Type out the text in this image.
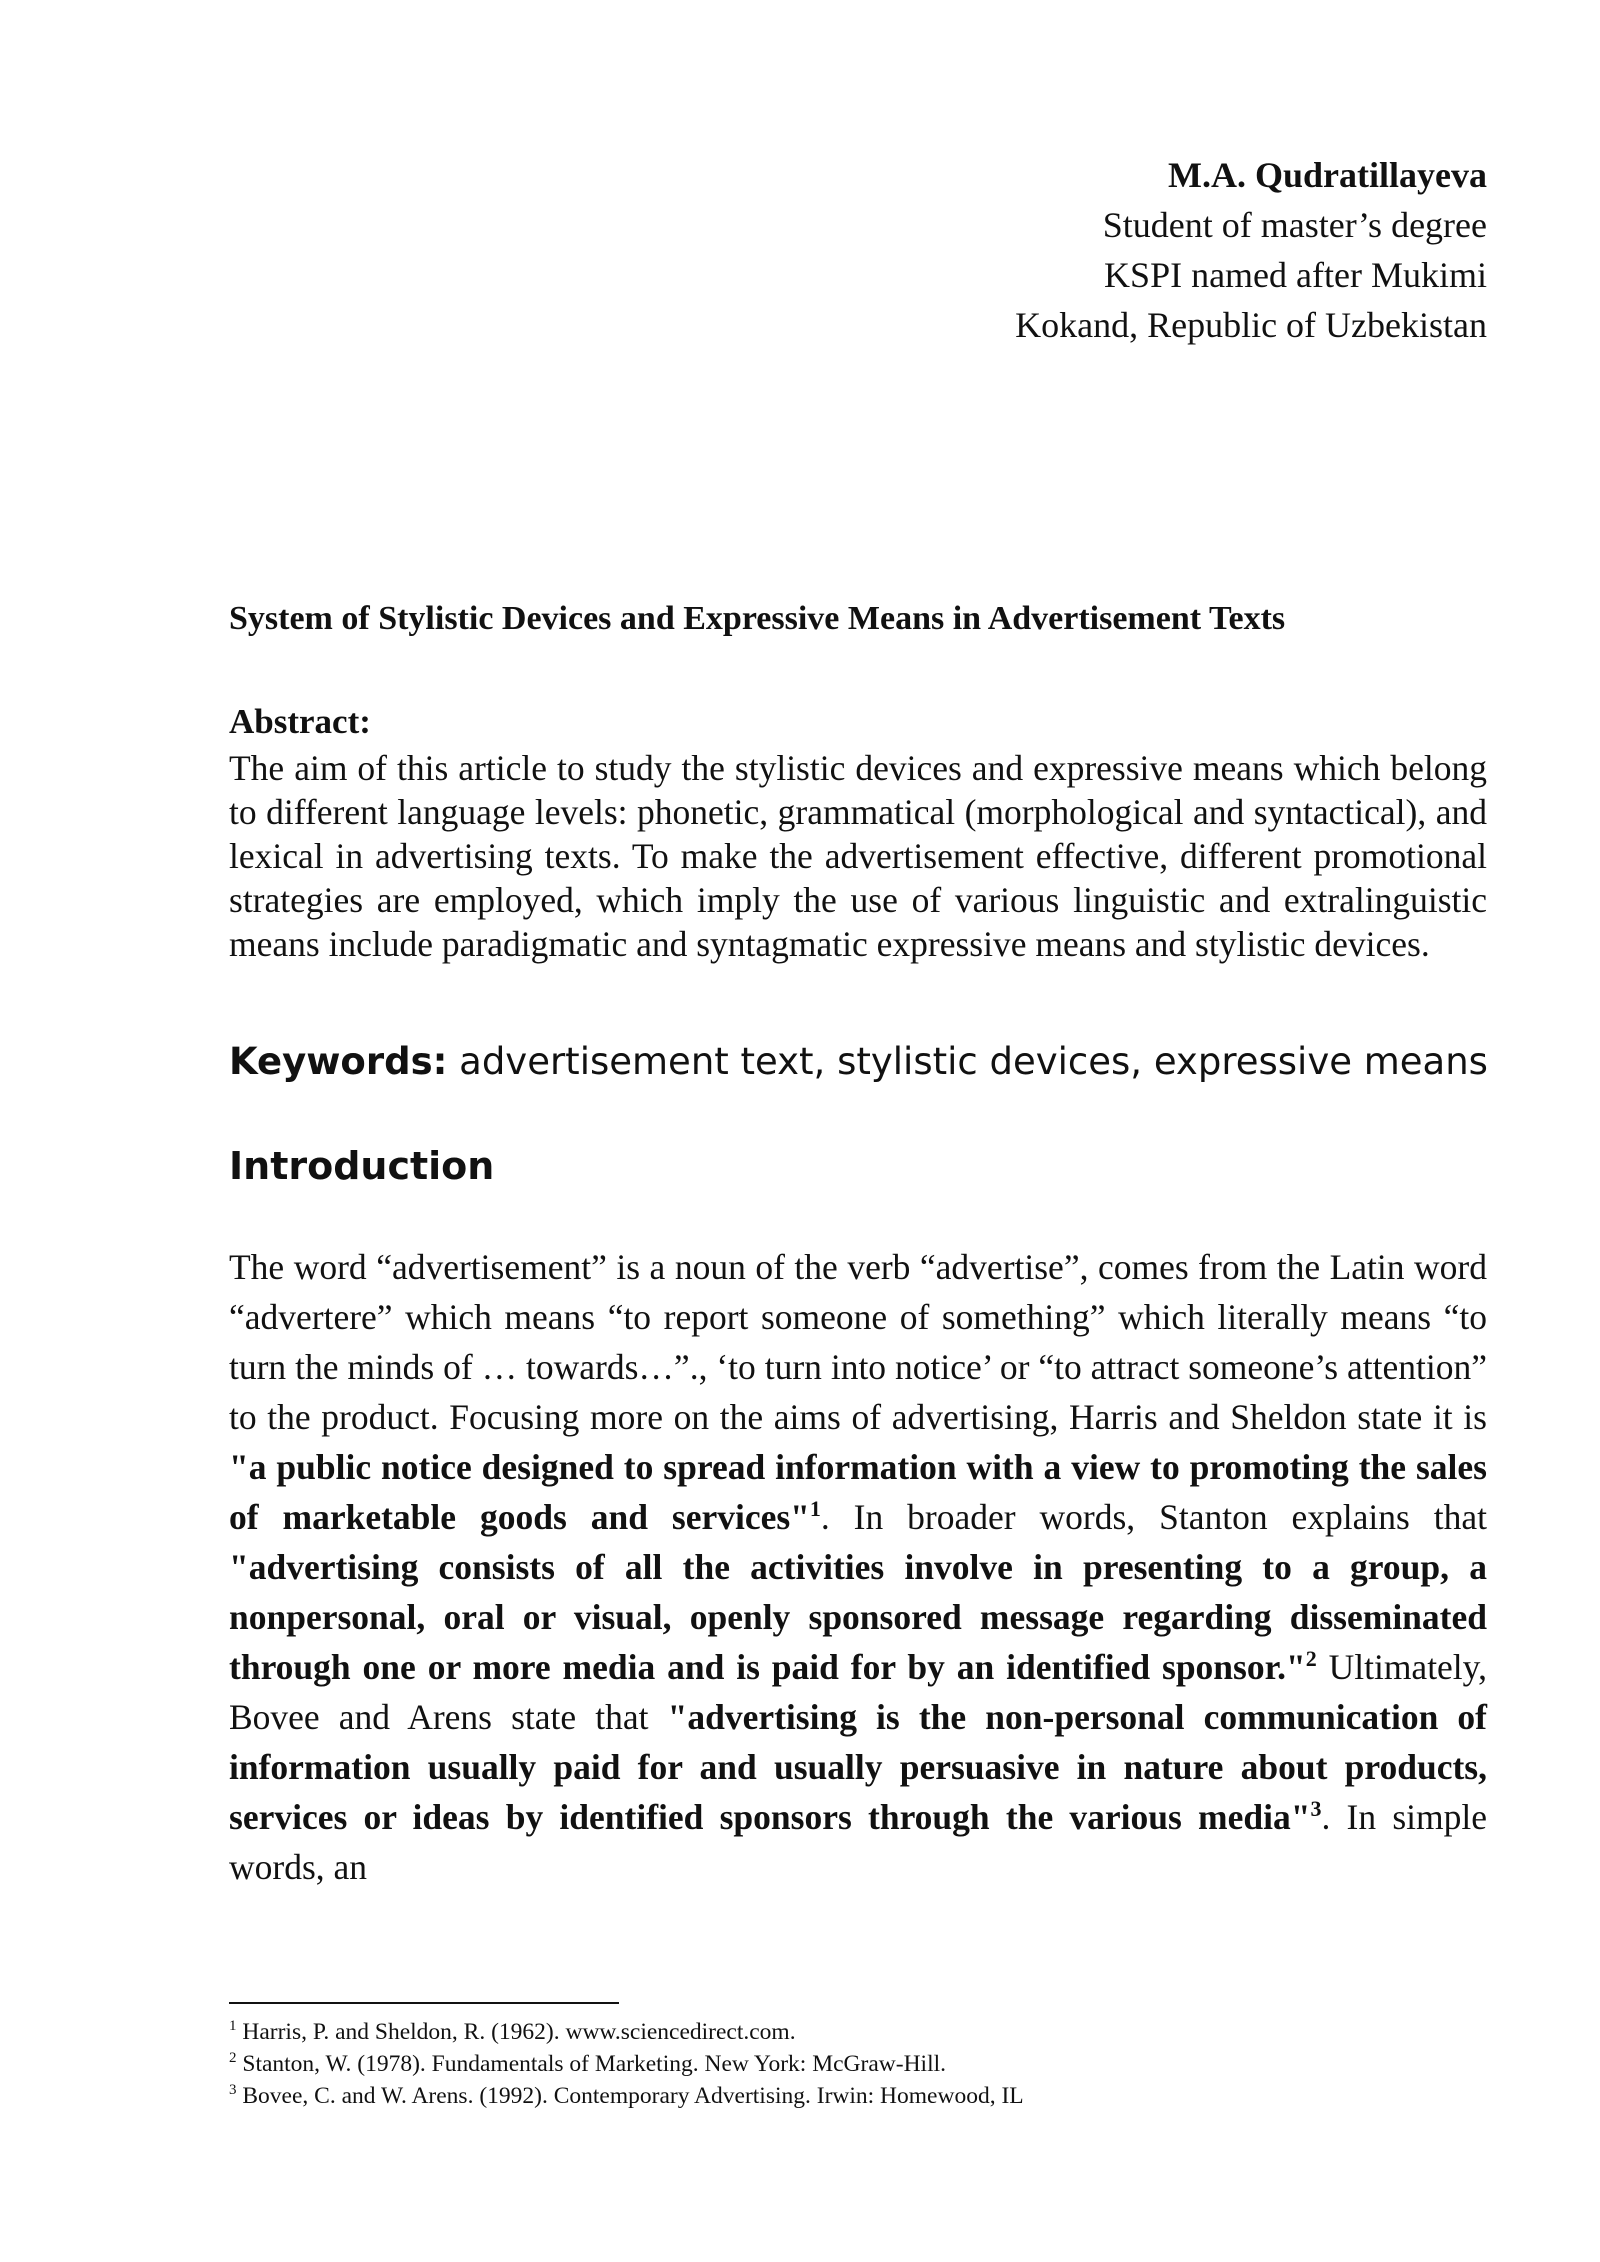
M.A. Qudratillayeva
Student of master’s degree
KSPI named after Mukimi
Kokand, Republic of Uzbekistan
System of Stylistic Devices and Expressive Means in Advertisement Texts
Abstract:
The aim of this article to study the stylistic devices and expressive means which belong to different language levels: phonetic, grammatical (morphological and syntactical), and lexical in advertising texts. To make the advertisement effective, different promotional strategies are employed, which imply the use of various linguistic and extralinguistic means include paradigmatic and syntagmatic expressive means and stylistic devices.
Keywords: advertisement text, stylistic devices, expressive means
Introduction

The word “advertisement” is a noun of the verb “advertise”, comes from the Latin word “advertere” which means “to report someone of something” which literally means “to turn the minds of … towards…”., ‘to turn into notice’ or “to attract someone’s attention” to the product. Focusing more on the aims of advertising, Harris and Sheldon state it is "a public notice designed to spread information with a view to promoting the sales of marketable goods and services"$^1$. In broader words, Stanton explains that "advertising consists of all the activities involve in presenting to a group, a nonpersonal, oral or visual, openly sponsored message regarding disseminated through one or more media and is paid for by an identified sponsor."$^2$ Ultimately, Bovee and Arens state that "advertising is the non-personal communication of information usually paid for and usually persuasive in nature about products, services or ideas by identified sponsors through the various media"$^3$. In simple words, an

$^1$ Harris, P. and Sheldon, R. (1962). www.sciencedirect.com.
$^2$ Stanton, W. (1978). Fundamentals of Marketing. New York: McGraw-Hill.
$^3$ Bovee, C. and W. Arens. (1992). Contemporary Advertising. Irwin: Homewood, IL
